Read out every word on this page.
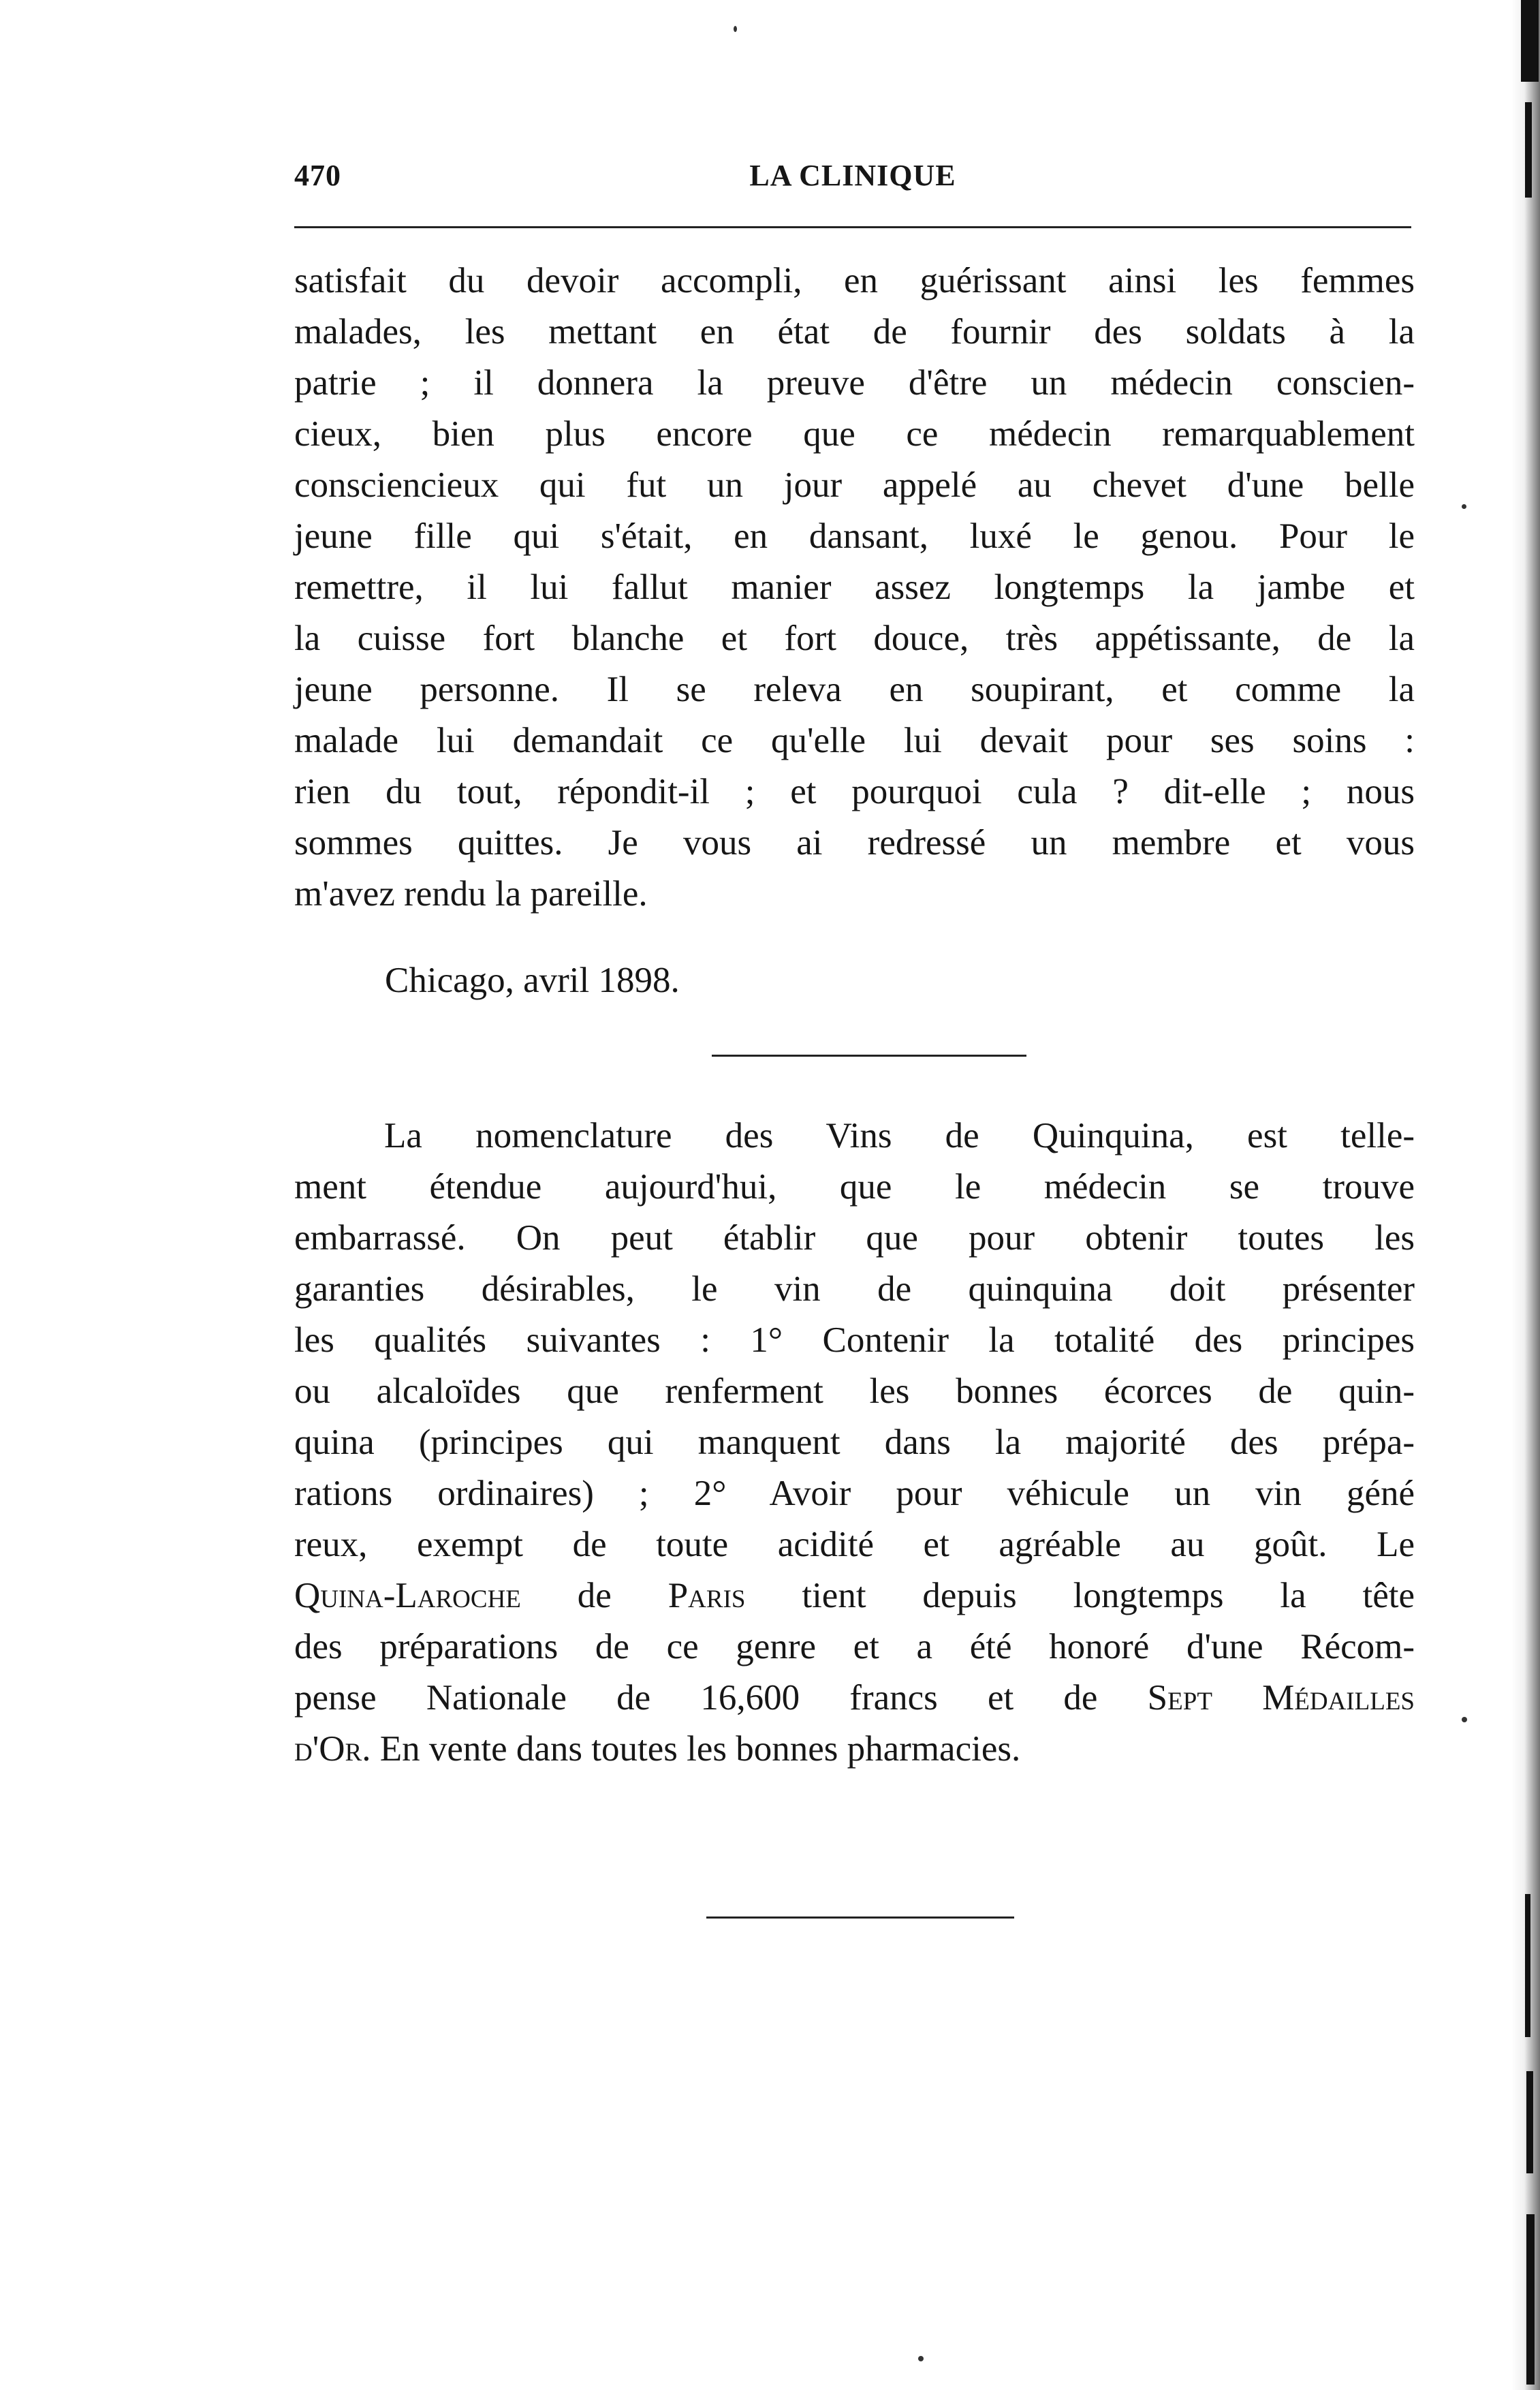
470	LA CLINIQUE
satisfait du devoir accompli, en guérissant ainsi les femmes
malades, les mettant en état de fournir des soldats à la
patrie ; il donnera la preuve d'être un médecin conscien-
cieux, bien plus encore que ce médecin remarquablement
consciencieux qui fut un jour appelé au chevet d'une belle
jeune fille qui s'était, en dansant, luxé le genou. Pour le
remettre, il lui fallut manier assez longtemps la jambe et
la cuisse fort blanche et fort douce, très appétissante, de la
jeune personne. Il se releva en soupirant, et comme la
malade lui demandait ce qu'elle lui devait pour ses soins :
rien du tout, répondit-il ; et pourquoi cula ? dit-elle ; nous
sommes quittes. Je vous ai redressé un membre et vous
m'avez rendu la pareille.
Chicago, avril 1898.
La nomenclature des Vins de Quinquina, est telle-
ment étendue aujourd'hui, que le médecin se trouve
embarrassé. On peut établir que pour obtenir toutes les
garanties désirables, le vin de quinquina doit présenter
les qualités suivantes : 1° Contenir la totalité des principes
ou alcaloïdes que renferment les bonnes écorces de quin-
quina (principes qui manquent dans la majorité des prépa-
rations ordinaires) ; 2° Avoir pour véhicule un vin géné
reux, exempt de toute acidité et agréable au goût. Le
Quina-Laroche de Paris tient depuis longtemps la tête
des préparations de ce genre et a été honoré d'une Récom-
pense Nationale de 16,600 francs et de Sept Médailles
d'Or. En vente dans toutes les bonnes pharmacies.
